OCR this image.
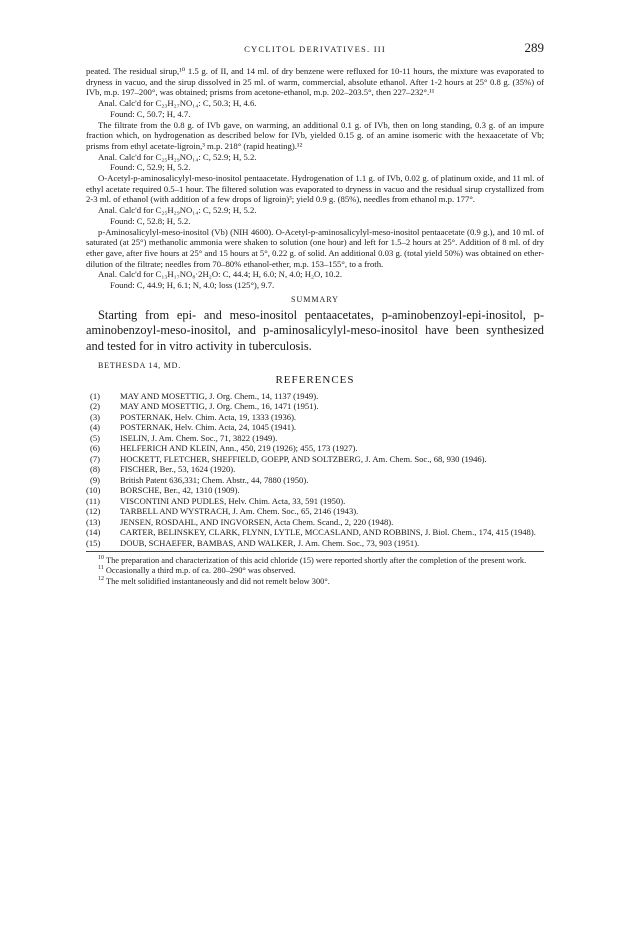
CYCLITOL DERIVATIVES. III	289

peated. The residual sirup,¹⁰ 1.5 g. of II, and 14 ml. of dry benzene were refluxed for 10-11 hours, the mixture was evaporated to dryness in vacuo, and the sirup dissolved in 25 ml. of warm, commercial, absolute ethanol. After 1-2 hours at 25° 0.8 g. (35%) of IVb, m.p. 197–200°, was obtained; prisms from acetone-ethanol, m.p. 202–203.5°, then 227–232°.¹¹

Anal. Calc'd for C₂₃H₂₇NO₁₄: C, 50.3; H, 4.6.

Found: C, 50.7; H, 4.7.

The filtrate from the 0.8 g. of IVb gave, on warming, an additional 0.1 g. of IVb, then on long standing, 0.3 g. of an impure fraction which, on hydrogenation as described below for IVb, yielded 0.15 g. of an amine isomeric with the hexaacetate of Vb; prisms from ethyl acetate-ligroin,³ m.p. 218° (rapid heating).¹²

Anal. Calc'd for C₂₅H₂₉NO₁₄: C, 52.9; H, 5.2.

Found: C, 52.9; H, 5.2.

O-Acetyl-p-aminosalicylyl-meso-inositol pentaacetate. Hydrogenation of 1.1 g. of IVb, 0.02 g. of platinum oxide, and 11 ml. of ethyl acetate required 0.5–1 hour. The filtered solution was evaporated to dryness in vacuo and the residual sirup crystallized from 2-3 ml. of ethanol (with addition of a few drops of ligroin)³; yield 0.9 g. (85%), needles from ethanol m.p. 177°.

Anal. Calc'd for C₂₅H₂₉NO₁₄: C, 52.9; H, 5.2.

Found: C, 52.8; H, 5.2.

p-Aminosalicylyl-meso-inositol (Vb) (NIH 4600). O-Acetyl-p-aminosalicylyl-meso-inositol pentaacetate (0.9 g.), and 10 ml. of saturated (at 25°) methanolic ammonia were shaken to solution (one hour) and left for 1.5–2 hours at 25°. Addition of 8 ml. of dry ether gave, after five hours at 25° and 15 hours at 5°, 0.22 g. of solid. An additional 0.03 g. (total yield 50%) was obtained on ether-dilution of the filtrate; needles from 70–80% ethanol-ether, m.p. 153–155°, to a froth.

Anal. Calc'd for C₁₃H₁₇NO₈·2H₂O: C, 44.4; H, 6.0; N, 4.0; H₂O, 10.2.

Found: C, 44.9; H, 6.1; N, 4.0; loss (125°), 9.7.

SUMMARY

Starting from epi- and meso-inositol pentaacetates, p-aminobenzoyl-epi-inositol, p-aminobenzoyl-meso-inositol, and p-aminosalicylyl-meso-inositol have been synthesized and tested for in vitro activity in tuberculosis.

BETHESDA 14, MD.
REFERENCES
(1) MAY AND MOSETTIG, J. Org. Chem., 14, 1137 (1949).
(2) MAY AND MOSETTIG, J. Org. Chem., 16, 1471 (1951).
(3) POSTERNAK, Helv. Chim. Acta, 19, 1333 (1936).
(4) POSTERNAK, Helv. Chim. Acta, 24, 1045 (1941).
(5) ISELIN, J. Am. Chem. Soc., 71, 3822 (1949).
(6) HELFERICH AND KLEIN, Ann., 450, 219 (1926); 455, 173 (1927).
(7) HOCKETT, FLETCHER, SHEFFIELD, GOEPP, AND SOLTZBERG, J. Am. Chem. Soc., 68, 930 (1946).
(8) FISCHER, Ber., 53, 1624 (1920).
(9) British Patent 636,331; Chem. Abstr., 44, 7880 (1950).
(10) BORSCHE, Ber., 42, 1310 (1909).
(11) VISCONTINI AND PUDLES, Helv. Chim. Acta, 33, 591 (1950).
(12) TARBELL AND WYSTRACH, J. Am. Chem. Soc., 65, 2146 (1943).
(13) JENSEN, ROSDAHL, AND INGVORSEN, Acta Chem. Scand., 2, 220 (1948).
(14) CARTER, BELINSKEY, CLARK, FLYNN, LYTLE, MCCASLAND, AND ROBBINS, J. Biol. Chem., 174, 415 (1948).
(15) DOUB, SCHAEFER, BAMBAS, AND WALKER, J. Am. Chem. Soc., 73, 903 (1951).

$^{10}$ The preparation and characterization of this acid chloride (15) were reported shortly after the completion of the present work.

$^{11}$ Occasionally a third m.p. of ca. 280–290° was observed.

$^{12}$ The melt solidified instantaneously and did not remelt below 300°.
